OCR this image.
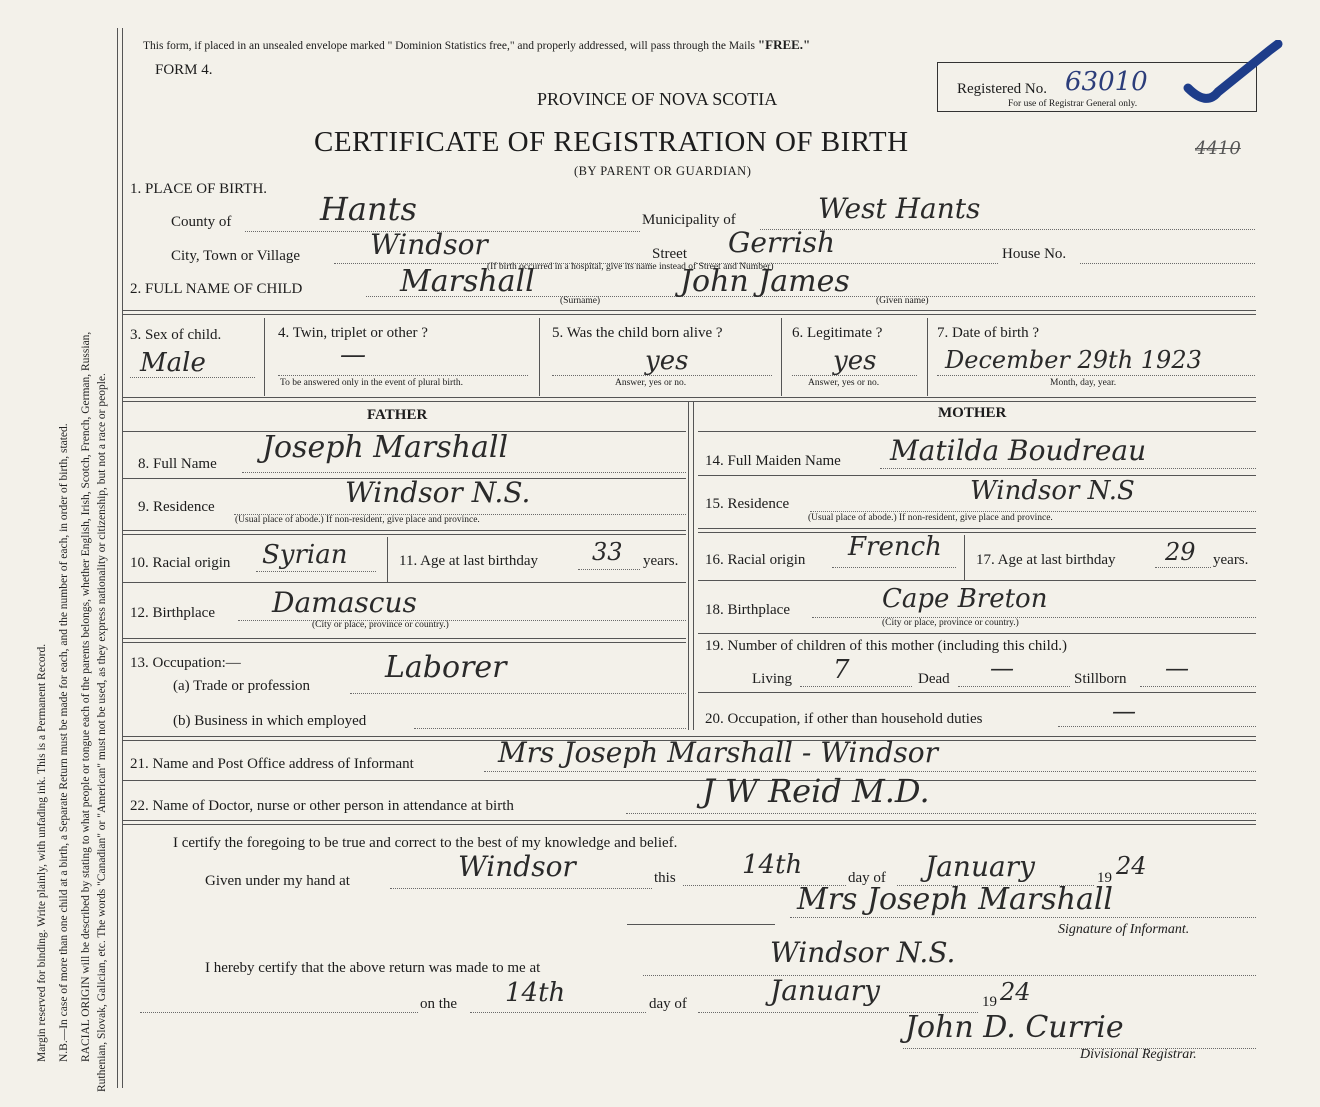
Margin reserved for binding. Write plainly, with unfading ink. This is a Permanent Record. N.B.—In case of more than one child at a birth, a Separate Return must be made for each, and the number of each, in order of birth, stated. RACIAL ORIGIN will be described by stating to what people or tongue each of the parents belongs, whether English, Irish, Scotch, French, German, Russian, Ruthenian, Slovak, Galician, etc. The words "Canadian" or "American" must not be used, as they express nationality or citizenship, but not a race or people.
This form, if placed in an unsealed envelope marked " Dominion Statistics free," and properly addressed, will pass through the Mails "FREE."
FORM 4.
PROVINCE OF NOVA SCOTIA
CERTIFICATE OF REGISTRATION OF BIRTH
(BY PARENT OR GUARDIAN)
Registered No. 63010
For use of Registrar General only.
4410
1. PLACE OF BIRTH.
County of	Hants	Municipality of	West Hants
City, Town or Village Windsor	Street Gerrish	House No.
(If birth occurred in a hospital, give its name instead of Street and Number)
2. FULL NAME OF CHILD	Marshall	John James
(Surname)	(Given name)
3. Sex of child.
Male
4. Twin, triplet or other ?
—
To be answered only in the event of plural birth.
5. Was the child born alive ?
yes
Answer, yes or no.
6. Legitimate ?
yes
Answer, yes or no.
7. Date of birth ?
December 29th 1923
Month, day, year.
FATHER	MOTHER
8. Full Name Joseph Marshall
9. Residence	Windsor N.S.
(Usual place of abode.) If non-resident, give place and province.
10. Racial origin Syrian	11. Age at last birthday 33 years.
12. Birthplace Damascus
(City or place, province or country.)
13. Occupation:—
(a) Trade or profession
Laborer
(b) Business in which employed
14. Full Maiden Name Matilda Boudreau
15. Residence	Windsor N.S
(Usual place of abode.) If non-resident, give place and province.
16. Racial origin French 17. Age at last birthday 29 years.
18. Birthplace	Cape Breton
(City or place, province or country.)
19. Number of children of this mother (including this child.)
Living 7	Dead —	Stillborn —
20. Occupation, if other than household duties	—
21. Name and Post Office address of Informant	Mrs Joseph Marshall - Windsor
22. Name of Doctor, nurse or other person in attendance at birth	J W Reid M.D.
I certify the foregoing to be true and correct to the best of my knowledge and belief.
Given under my hand at	Windsor	this	14th	day of January	19 24
Mrs Joseph Marshall
Signature of Informant.
I hereby certify that the above return was made to me at	Windsor N.S.
on the 14th	day of	January	19 24
John D. Currie
Divisional Registrar.
